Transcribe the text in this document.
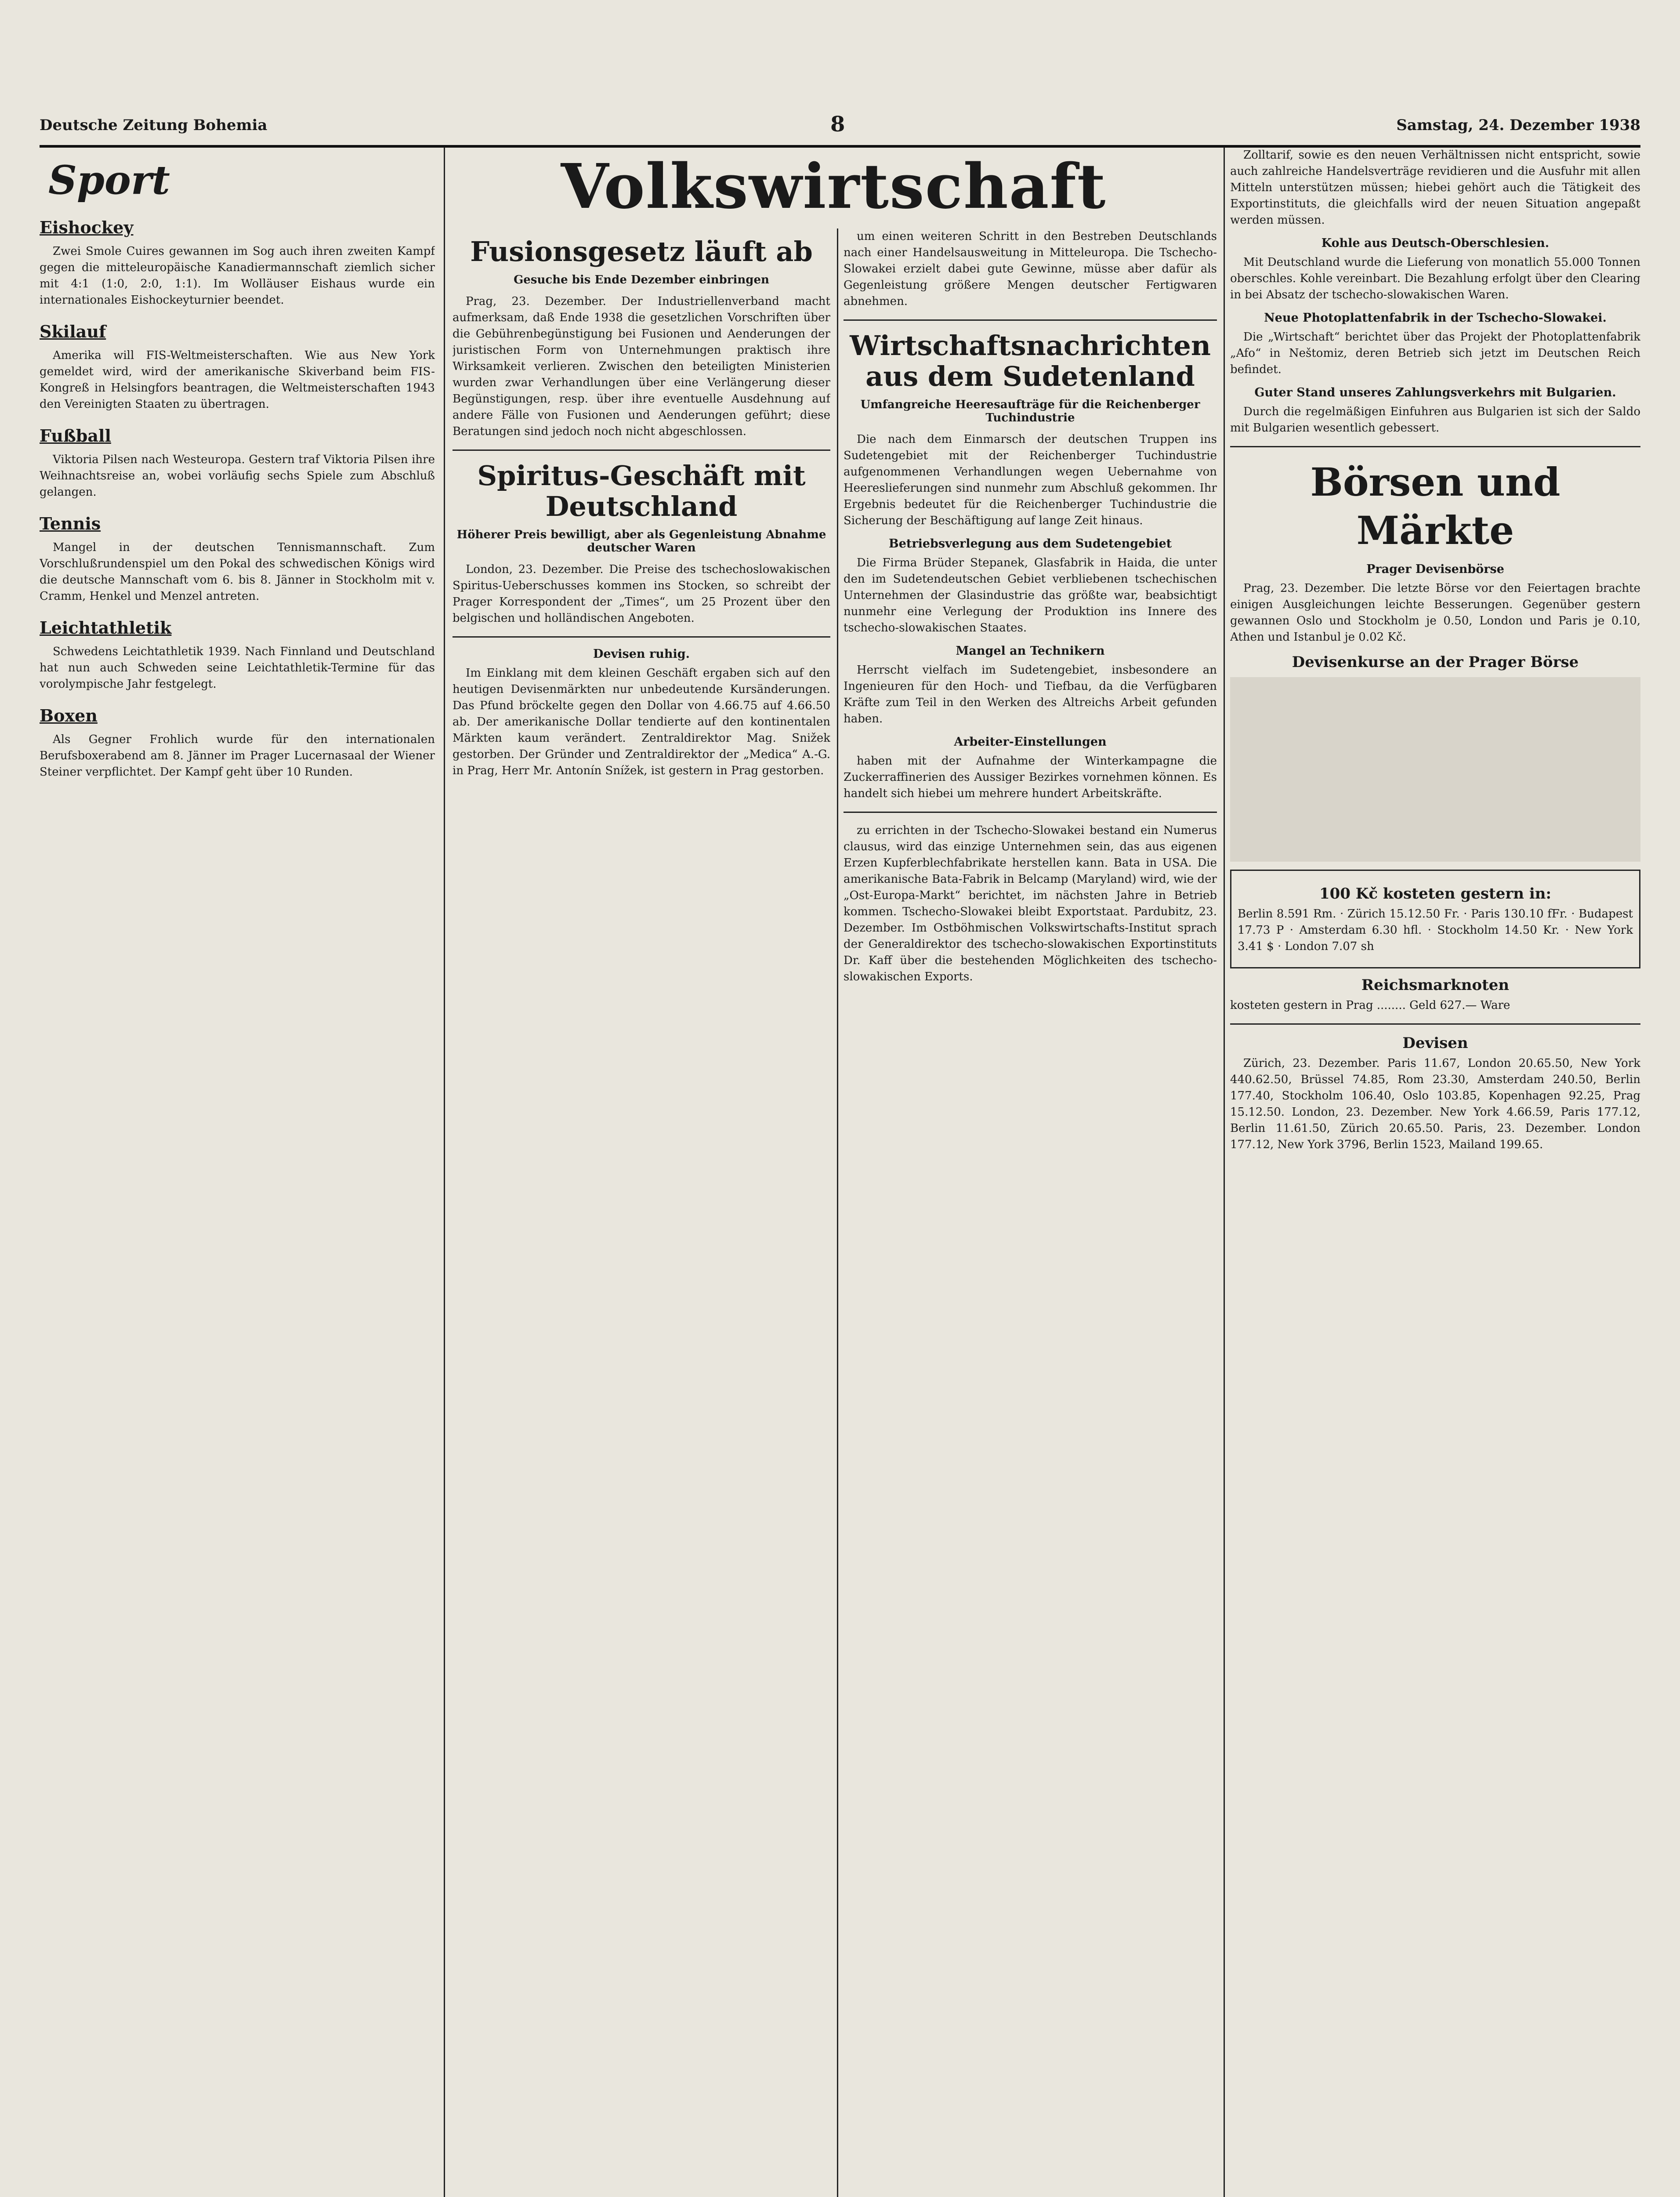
Deutsche Zeitung Bohemia	8	Samstag, 24. Dezember 1938
Volkswirtschaft
Sport
Eishockey

Zwei Smole Cuires gewannen im Sog auch ihren zweiten Kampf gegen die mitteleuropäische Kanadiermannschaft ziemlich sicher mit 4:1 (1:0, 2:0, 1:1). Im Wolläuser Eishaus wurde ein internationales Eishockeyturnier beendet.

Skilauf

Amerika will FIS-Weltmeisterschaften. Wie aus New York gemeldet wird, wird der amerikanische Skiverband beim FIS-Kongreß in Helsingfors beantragen, die Weltmeisterschaften 1943 den Vereinigten Staaten zu übertragen.

Fußball

Viktoria Pilsen nach Westeuropa. Gestern traf Viktoria Pilsen ihre Weihnachtsreise an, wobei vorläufig sechs Spiele zum Abschluß gelangen.

Tennis

Mangel in der deutschen Tennismannschaft. Zum Vorschlußrundenspiel um den Pokal des schwedischen Königs wird die deutsche Mannschaft vom 6. bis 8. Jänner in Stockholm mit v. Cramm, Henkel und Menzel antreten.

Leichtathletik

Schwedens Leichtathletik 1939. Nach Finnland und Deutschland hat nun auch Schweden seine Leichtathletik-Termine für das vorolympische Jahr festgelegt.

Boxen

Als Gegner Frohlich wurde für den internationalen Berufsboxerabend am 8. Jänner im Prager Lucernasaal der Wiener Steiner verpflichtet. Der Kampf geht über 10 Runden.

Fusionsgesetz läuft ab
Gesuche bis Ende Dezember einbringen

Prag, 23. Dezember. Der Industriellenverband macht aufmerksam, daß Ende 1938 die gesetzlichen Vorschriften über die Gebührenbegünstigung bei Fusionen und Aenderungen der juristischen Form von Unternehmungen praktisch ihre Wirksamkeit verlieren. Zwischen den beteiligten Ministerien wurden zwar Verhandlungen über eine Verlängerung dieser Begünstigungen, resp. über ihre eventuelle Ausdehnung auf andere Fälle von Fusionen und Aenderungen geführt; diese Beratungen sind jedoch noch nicht abgeschlossen.

Spiritus-Geschäft mit Deutschland
Höherer Preis bewilligt, aber als Gegenleistung Abnahme deutscher Waren

London, 23. Dezember. Die Preise des tschechoslowakischen Spiritus-Ueberschusses kommen ins Stocken, so schreibt der Prager Korrespondent der „Times“, um 25 Prozent über den belgischen und holländischen Angeboten.

Devisen ruhig.

Im Einklang mit dem kleinen Geschäft ergaben sich auf den heutigen Devisenmärkten nur unbedeutende Kursänderungen. Das Pfund bröckelte gegen den Dollar von 4.66.75 auf 4.66.50 ab. Der amerikanische Dollar tendierte auf den kontinentalen Märkten kaum verändert. Zentraldirektor Mag. Snižek gestorben. Der Gründer und Zentraldirektor der „Medica“ A.-G. in Prag, Herr Mr. Antonín Snížek, ist gestern in Prag gestorben.

um einen weiteren Schritt in den Bestreben Deutschlands nach einer Handelsausweitung in Mitteleuropa. Die Tschecho-Slowakei erzielt dabei gute Gewinne, müsse aber dafür als Gegenleistung größere Mengen deutscher Fertigwaren abnehmen.

Wirtschaftsnachrichten aus dem Sudetenland
Umfangreiche Heeresaufträge für die Reichenberger Tuchindustrie

Die nach dem Einmarsch der deutschen Truppen ins Sudetengebiet mit der Reichenberger Tuchindustrie aufgenommenen Verhandlungen wegen Uebernahme von Heereslieferungen sind nunmehr zum Abschluß gekommen. Ihr Ergebnis bedeutet für die Reichenberger Tuchindustrie die Sicherung der Beschäftigung auf lange Zeit hinaus.

Betriebsverlegung aus dem Sudetengebiet

Die Firma Brüder Stepanek, Glasfabrik in Haida, die unter den im Sudetendeutschen Gebiet verbliebenen tschechischen Unternehmen der Glasindustrie das größte war, beabsichtigt nunmehr eine Verlegung der Produktion ins Innere des tschecho-slowakischen Staates.

Mangel an Technikern

Herrscht vielfach im Sudetengebiet, insbesondere an Ingenieuren für den Hoch- und Tiefbau, da die Verfügbaren Kräfte zum Teil in den Werken des Altreichs Arbeit gefunden haben.

Arbeiter-Einstellungen

haben mit der Aufnahme der Winterkampagne die Zuckerraffinerien des Aussiger Bezirkes vornehmen können. Es handelt sich hiebei um mehrere hundert Arbeitskräfte.

zu errichten in der Tschecho-Slowakei bestand ein Numerus clausus, wird das einzige Unternehmen sein, das aus eigenen Erzen Kupferblechfabrikate herstellen kann. Bata in USA. Die amerikanische Bata-Fabrik in Belcamp (Maryland) wird, wie der „Ost-Europa-Markt“ berichtet, im nächsten Jahre in Betrieb kommen. Tschecho-Slowakei bleibt Exportstaat. Pardubitz, 23. Dezember. Im Ostböhmischen Volkswirtschafts-Institut sprach der Generaldirektor des tschecho-slowakischen Exportinstituts Dr. Kaff über die bestehenden Möglichkeiten des tschecho-slowakischen Exports.

Zolltarif, sowie es den neuen Verhältnissen nicht entspricht, sowie auch zahlreiche Handelsverträge revidieren und die Ausfuhr mit allen Mitteln unterstützen müssen; hiebei gehört auch die Tätigkeit des Exportinstituts, die gleichfalls wird der neuen Situation angepaßt werden müssen.

Kohle aus Deutsch-Oberschlesien.

Mit Deutschland wurde die Lieferung von monatlich 55.000 Tonnen oberschles. Kohle vereinbart. Die Bezahlung erfolgt über den Clearing in bei Absatz der tschecho-slowakischen Waren.

Neue Photoplattenfabrik in der Tschecho-Slowakei.

Die „Wirtschaft“ berichtet über das Projekt der Photoplattenfabrik „Afo“ in Neštomiz, deren Betrieb sich jetzt im Deutschen Reich befindet.

Guter Stand unseres Zahlungsverkehrs mit Bulgarien.

Durch die regelmäßigen Einfuhren aus Bulgarien ist sich der Saldo mit Bulgarien wesentlich gebessert.

Börsen und Märkte
Prager Devisenbörse

Prag, 23. Dezember. Die letzte Börse vor den Feiertagen brachte einigen Ausgleichungen leichte Besserungen. Gegenüber gestern gewannen Oslo und Stockholm je 0.50, London und Paris je 0.10, Athen und Istanbul je 0.02 Kč.

Devisenkurse an der Prager Börse
100 Kč kosteten gestern in:

Berlin 8.591 Rm. · Zürich 15.12.50 Fr. · Paris 130.10 fFr. · Budapest 17.73 P · Amsterdam 6.30 hfl. · Stockholm 14.50 Kr. · New York 3.41 $ · London 7.07 sh

Reichsmarknoten

kosteten gestern in Prag ........ Geld 627.— Ware

Devisen

Zürich, 23. Dezember. Paris 11.67, London 20.65.50, New York 440.62.50, Brüssel 74.85, Rom 23.30, Amsterdam 240.50, Berlin 177.40, Stockholm 106.40, Oslo 103.85, Kopenhagen 92.25, Prag 15.12.50. London, 23. Dezember. New York 4.66.59, Paris 177.12, Berlin 11.61.50, Zürich 20.65.50. Paris, 23. Dezember. London 177.12, New York 3796, Berlin 1523, Mailand 199.65.
